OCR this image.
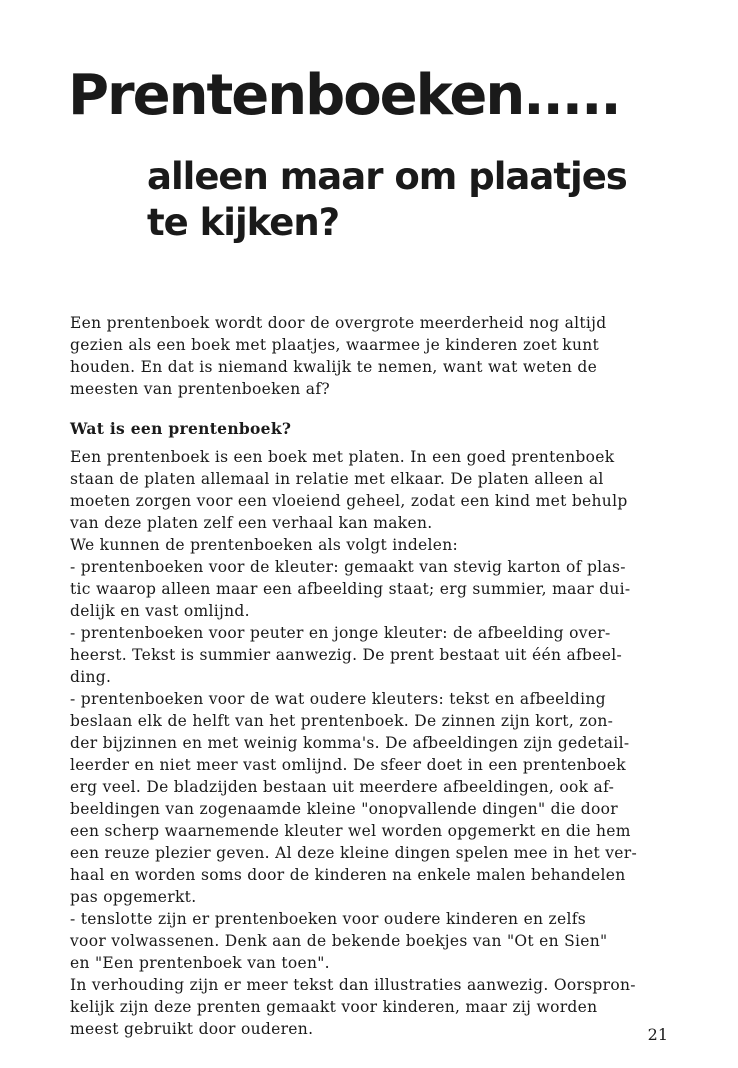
Prentenboeken.....
alleen maar om plaatjes
te kijken?

Een prentenboek wordt door de overgrote meerderheid nog altijd
gezien als een boek met plaatjes, waarmee je kinderen zoet kunt
houden. En dat is niemand kwalijk te nemen, want wat weten de
meesten van prentenboeken af?

Wat is een prentenboek?

Een prentenboek is een boek met platen. In een goed prentenboek
staan de platen allemaal in relatie met elkaar. De platen alleen al
moeten zorgen voor een vloeiend geheel, zodat een kind met behulp
van deze platen zelf een verhaal kan maken.
We kunnen de prentenboeken als volgt indelen:
- prentenboeken voor de kleuter: gemaakt van stevig karton of plas-
tic waarop alleen maar een afbeelding staat; erg summier, maar dui-
delijk en vast omlijnd.
- prentenboeken voor peuter en jonge kleuter: de afbeelding over-
heerst. Tekst is summier aanwezig. De prent bestaat uit één afbeel-
ding.
- prentenboeken voor de wat oudere kleuters: tekst en afbeelding
beslaan elk de helft van het prentenboek. De zinnen zijn kort, zon-
der bijzinnen en met weinig komma's. De afbeeldingen zijn gedetail-
leerder en niet meer vast omlijnd. De sfeer doet in een prentenboek
erg veel. De bladzijden bestaan uit meerdere afbeeldingen, ook af-
beeldingen van zogenaamde kleine "onopvallende dingen" die door
een scherp waarnemende kleuter wel worden opgemerkt en die hem
een reuze plezier geven. Al deze kleine dingen spelen mee in het ver-
haal en worden soms door de kinderen na enkele malen behandelen
pas opgemerkt.
- tenslotte zijn er prentenboeken voor oudere kinderen en zelfs
voor volwassenen. Denk aan de bekende boekjes van "Ot en Sien"
en "Een prentenboek van toen".
In verhouding zijn er meer tekst dan illustraties aanwezig. Oorspron-
kelijk zijn deze prenten gemaakt voor kinderen, maar zij worden
meest gebruikt door ouderen.	21
